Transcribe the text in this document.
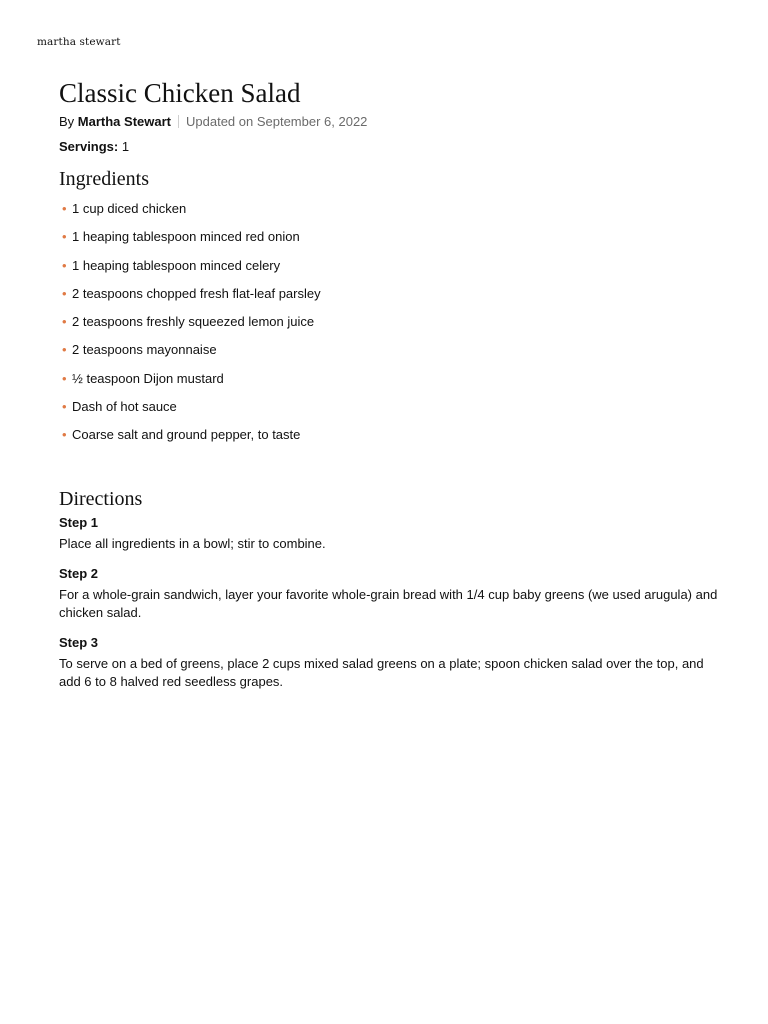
martha stewart
Classic Chicken Salad
By Martha Stewart Updated on September 6, 2022
Servings: 1
Ingredients
• 1 cup diced chicken
• 1 heaping tablespoon minced red onion
• 1 heaping tablespoon minced celery
• 2 teaspoons chopped fresh flat-leaf parsley
• 2 teaspoons freshly squeezed lemon juice
• 2 teaspoons mayonnaise
• ½ teaspoon Dijon mustard
• Dash of hot sauce
• Coarse salt and ground pepper, to taste
Directions

Step 1

Place all ingredients in a bowl; stir to combine.

Step 2

For a whole-grain sandwich, layer your favorite whole-grain bread with 1/4 cup baby greens (we used arugula) and chicken salad.

Step 3

To serve on a bed of greens, place 2 cups mixed salad greens on a plate; spoon chicken salad over the top, and add 6 to 8 halved red seedless grapes.
